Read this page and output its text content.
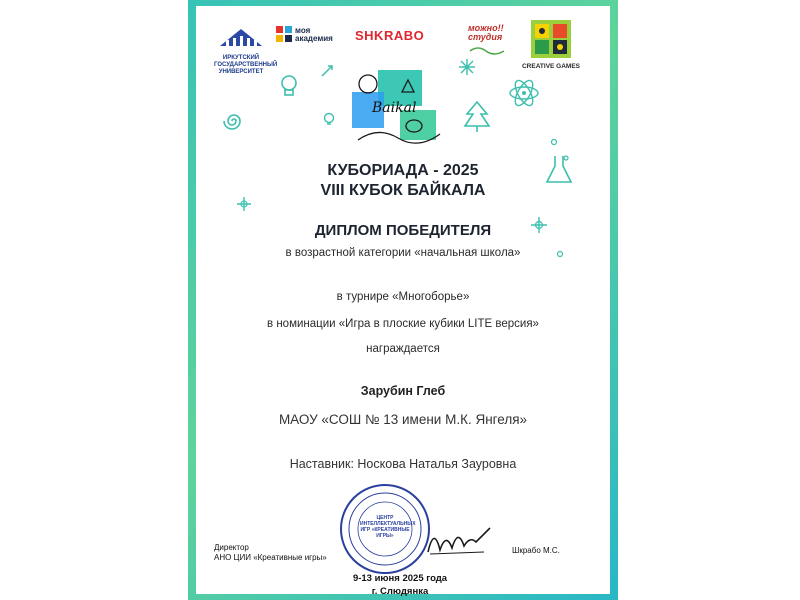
ИРКУТСКИЙ ГОСУДАРСТВЕННЫЙ УНИВЕРСИТЕТ
моя академия	SHKRABO	можно!! студия
CREATIVE GAMES
Baikal
КУБОРИАДА - 2025
VIII КУБОК БАЙКАЛА
ДИПЛОМ ПОБЕДИТЕЛЯ
в возрастной категории «начальная школа»
в турнире «Многоборье»
в номинации «Игра в плоские кубики LITE версия»
награждается
Зарубин Глеб
МАОУ «СОШ № 13 имени М.К. Янгеля»
Наставник: Носкова Наталья Зауровна
ЦЕНТР ИНТЕЛЛЕКТУАЛЬНЫХ ИГР «КРЕАТИВНЫЕ ИГРЫ»
Директор
АНО ЦИИ «Креативные игры»
Шкрабо М.С.
9-13 июня 2025 года
г. Слюдянка
